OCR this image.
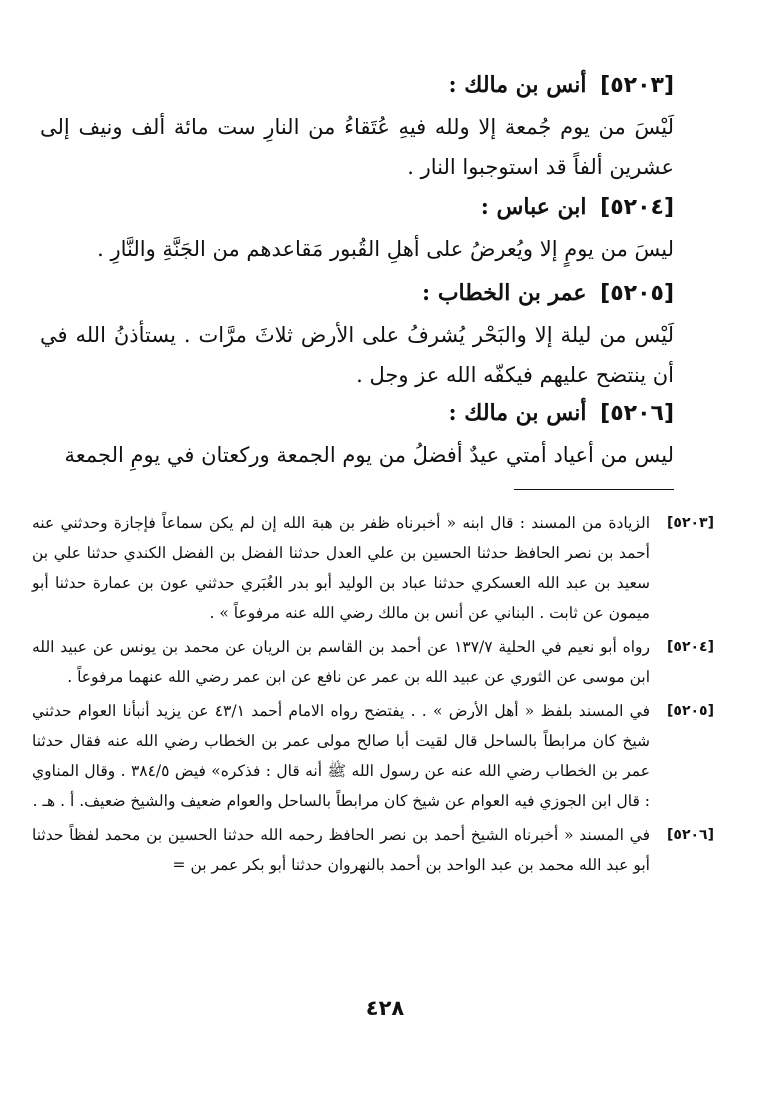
[٥٢٠٣] أنس بن مالك :
لَيْسَ من يوم جُمعة إلا ولله فيهِ عُتَقاءُ من النارِ ست مائة ألف ونيف إلى عشرين ألفاً قد استوجبوا النار .
[٥٢٠٤] ابن عباس :
ليسَ من يومٍ إلا ويُعرضُ على أهلِ القُبور مَقاعدهم من الجَنَّةِ والنَّارِ .
[٥٢٠٥] عمر بن الخطاب :
لَيْس من ليلة إلا والبَحْر يُشرفُ على الأرض ثلاثَ مرَّات . يستأذنُ الله في أن ينتضح عليهم فيكفّه الله عز وجل .
[٥٢٠٦] أنس بن مالك :
ليس من أعياد أمتي عيدٌ أفضلُ من يوم الجمعة وركعتان في يومِ الجمعة
[٥٢٠٣]
الزيادة من المسند : قال ابنه « أخبرناه ظفر بن هبة الله إن لم يكن سماعاً فإجازة وحدثني عنه أحمد بن نصر الحافظ حدثنا الحسين بن علي العدل حدثنا الفضل بن الفضل الكندي حدثنا علي بن سعيد بن عبد الله العسكري حدثنا عباد بن الوليد أبو بدر الغُبَري حدثني عون بن عمارة حدثنا أبو ميمون عن ثابت . البناني عن أنس بن مالك رضي الله عنه مرفوعاً » .
[٥٢٠٤]
رواه أبو نعيم في الحلية ١٣٧/٧ عن أحمد بن القاسم بن الريان عن محمد بن يونس عن عبيد الله ابن موسى عن الثوري عن عبيد الله بن عمر عن نافع عن ابن عمر رضي الله عنهما مرفوعاً .
[٥٢٠٥]
في المسند بلفظ « أهل الأرض » . . يفتضح رواه الامام أحمد ٤٣/١ عن يزيد أنبأنا العوام حدثني شيخ كان مرابطاً بالساحل قال لقيت أبا صالح مولى عمر بن الخطاب رضي الله عنه فقال حدثنا عمر بن الخطاب رضي الله عنه عن رسول الله ﷺ أنه قال : فذكره» فيض ٣٨٤/٥ . وقال المناوي : قال ابن الجوزي فيه العوام عن شيخ كان مرابطاً بالساحل والعوام ضعيف والشيخ ضعيف. أ . هـ .
[٥٢٠٦]
في المسند « أخبرناه الشيخ أحمد بن نصر الحافظ رحمه الله حدثنا الحسين بن محمد لفظاً حدثنا أبو عبد الله محمد بن عبد الواحد بن أحمد بالنهروان حدثنا أبو بكر عمر بن =
٤٢٨
